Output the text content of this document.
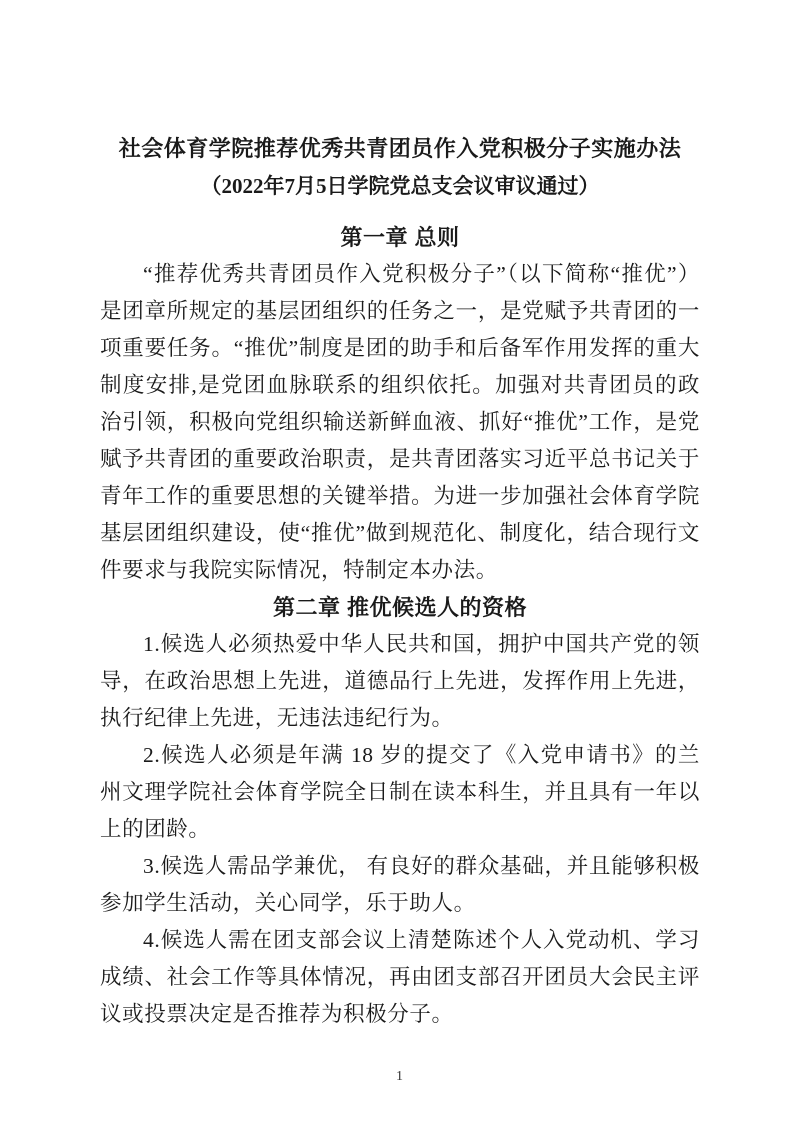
社会体育学院推荐优秀共青团员作入党积极分子实施办法
（2022年7月5日学院党总支会议审议通过）
第一章 总则

“推荐优秀共青团员作入党积极分子”（以下简称“推优”）是团章所规定的基层团组织的任务之一，是党赋予共青团的一项重要任务。“推优”制度是团的助手和后备军作用发挥的重大制度安排,是党团血脉联系的组织依托。加强对共青团员的政治引领，积极向党组织输送新鲜血液、抓好“推优”工作，是党赋予共青团的重要政治职责，是共青团落实习近平总书记关于青年工作的重要思想的关键举措。为进一步加强社会体育学院基层团组织建设，使“推优”做到规范化、制度化，结合现行文件要求与我院实际情况，特制定本办法。

第二章 推优候选人的资格

1.候选人必须热爱中华人民共和国，拥护中国共产党的领导，在政治思想上先进，道德品行上先进，发挥作用上先进，执行纪律上先进，无违法违纪行为。

2.候选人必须是年满 18 岁的提交了《入党申请书》的兰州文理学院社会体育学院全日制在读本科生，并且具有一年以上的团龄。

3.候选人需品学兼优， 有良好的群众基础，并且能够积极参加学生活动，关心同学，乐于助人。

4.候选人需在团支部会议上清楚陈述个人入党动机、学习成绩、社会工作等具体情况，再由团支部召开团员大会民主评议或投票决定是否推荐为积极分子。

1
